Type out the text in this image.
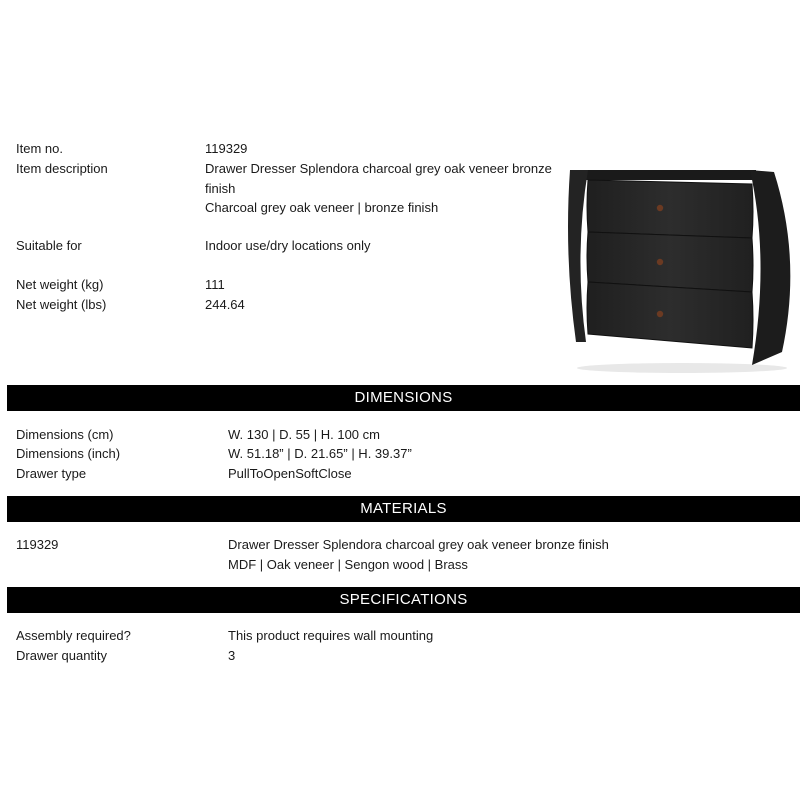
Item no.	119329
Item description	Drawer Dresser Splendora charcoal grey oak veneer bronze
finish
Charcoal grey oak veneer | bronze finish
Suitable for	Indoor use/dry locations only
Net weight (kg)	111
Net weight (lbs)	244.64
DIMENSIONS
Dimensions (cm)	W. 130 | D. 55 | H. 100 cm
Dimensions (inch)	W. 51.18” | D. 21.65” | H. 39.37”
Drawer type	PullToOpenSoftClose
MATERIALS
119329	Drawer Dresser Splendora charcoal grey oak veneer bronze finish
MDF | Oak veneer | Sengon wood | Brass
SPECIFICATIONS
Assembly required?	This product requires wall mounting
Drawer quantity	3
